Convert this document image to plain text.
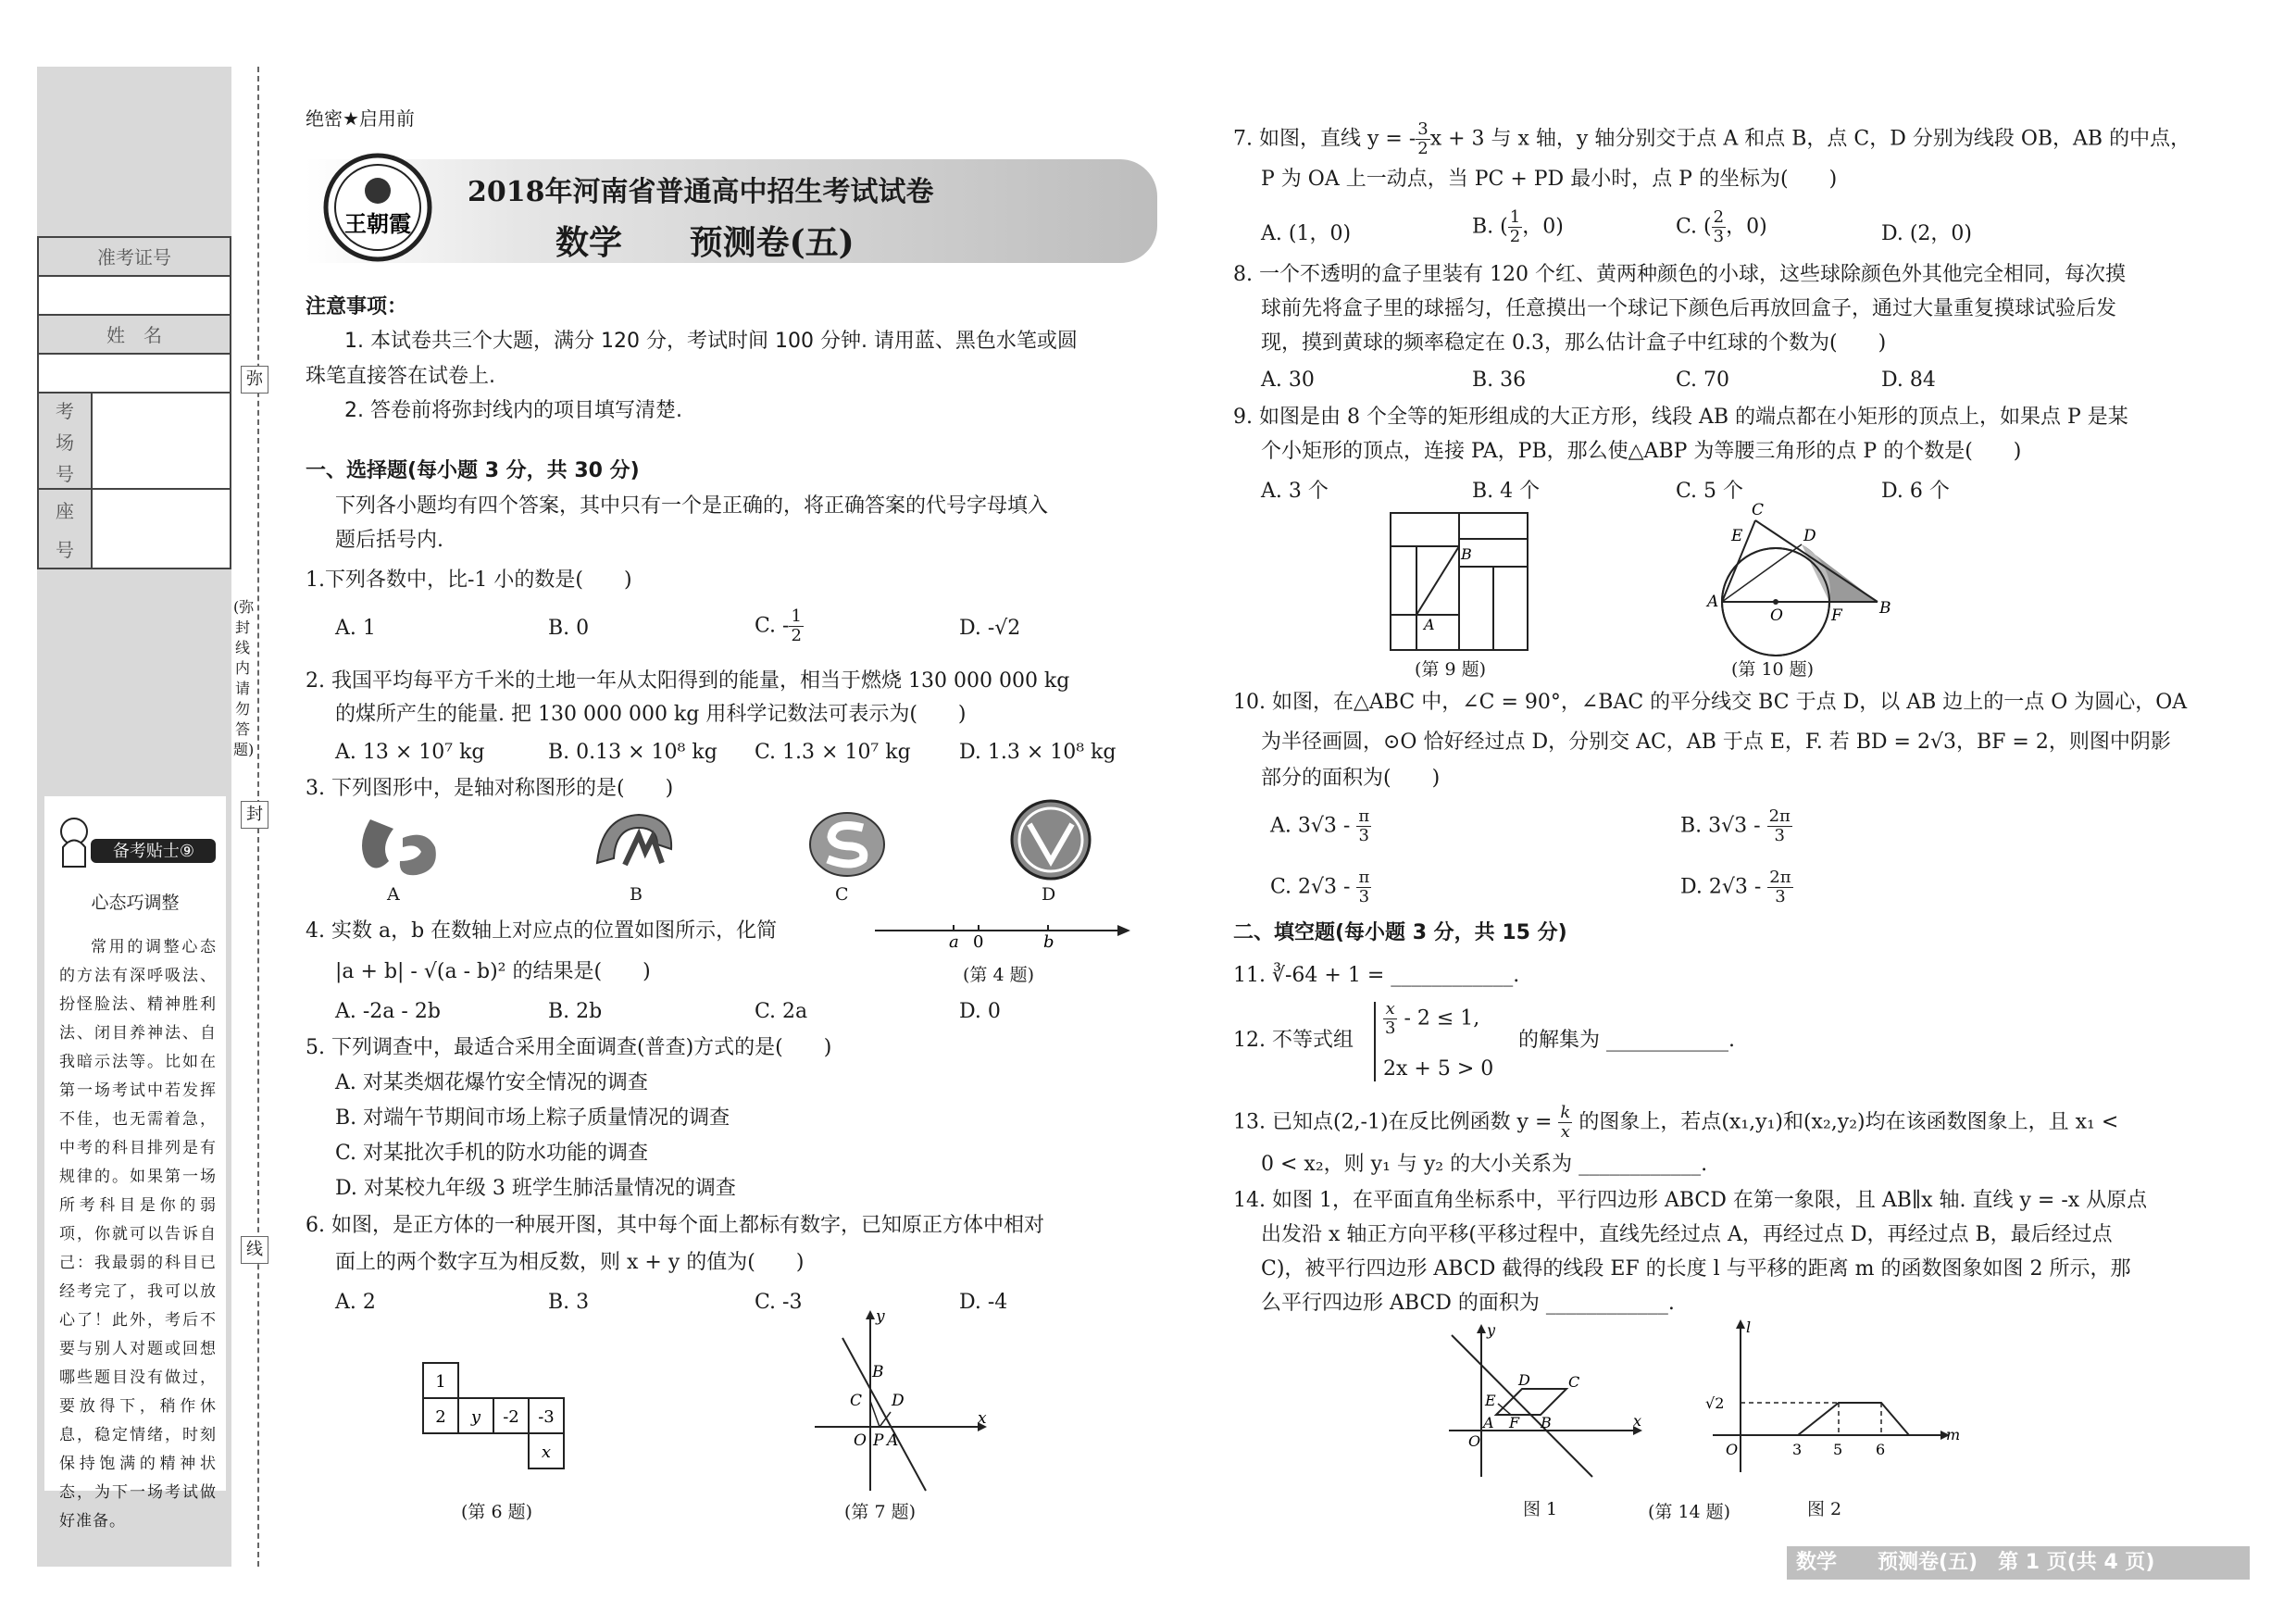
准考证号
姓　名
考
场
号
座
号
备考贴士⑨
心态巧调整
常用的调整心态的方法有深呼吸法、扮怪脸法、精神胜利法、闭目养神法、自我暗示法等。比如在第一场考试中若发挥不佳，也无需着急，中考的科目排列是有规律的。如果第一场所考科目是你的弱项，你就可以告诉自己：我最弱的科目已经考完了，我可以放心了！此外，考后不要与别人对题或回想哪些题目没有做过，要放得下，稍作休息，稳定情绪，时刻保持饱满的精神状态，为下一场考试做好准备。
弥
封
线
(弥封线内请勿答题)
绝密★启用前
王朝霞
2018年河南省普通高中招生考试试卷
数学 预测卷(五)
注意事项：
1. 本试卷共三个大题，满分 120 分，考试时间 100 分钟. 请用蓝、黑色水笔或圆
珠笔直接答在试卷上.
2. 答卷前将弥封线内的项目填写清楚.
一、选择题(每小题 3 分，共 30 分)
下列各小题均有四个答案，其中只有一个是正确的，将正确答案的代号字母填入
题后括号内.
1.下列各数中，比-1 小的数是(　　)
A. 1	B. 0	C. - $\frac{1}{2}$	D. -√2
2. 我国平均每平方千米的土地一年从太阳得到的能量，相当于燃烧 130 000 000 kg
的煤所产生的能量. 把 130 000 000 kg 用科学记数法可表示为(　　)
A. 13 × 10⁷ kg	B. 0.13 × 10⁸ kg C. 1.3 × 10⁷ kg D. 1.3 × 10⁸ kg
3. 下列图形中，是轴对称图形的是(　　)
A	B	C	D
4. 实数 a，b 在数轴上对应点的位置如图所示，化简
|a + b| - √(a - b)² 的结果是(　　)
a 0	b
(第 4 题)
A. -2a - 2b	B. 2b	C. 2a	D. 0
5. 下列调查中，最适合采用全面调查(普查)方式的是(　　)
A. 对某类烟花爆竹安全情况的调查
B. 对端午节期间市场上粽子质量情况的调查
C. 对某批次手机的防水功能的调查
D. 对某校九年级 3 班学生肺活量情况的调查
6. 如图，是正方体的一种展开图，其中每个面上都标有数字，已知原正方体中相对
面上的两个数字互为相反数，则 x + y 的值为(　　)
A. 2	B. 3	C. -3	D. -4
1
2 y -2 -3
x
(第 6 题)
y
B
C D
O P A
x
(第 7 题)
7. 如图，直线 y = - $\frac{3}{2}$ x + 3 与 x 轴，y 轴分别交于点 A 和点 B，点 C，D 分别为线段 OB，AB 的中点，
P 为 OA 上一动点，当 PC + PD 最小时，点 P 的坐标为(　　)
A. (1，0)	B. ( $\frac{1}{2}$ ，0)	C. ( $\frac{2}{3}$ ，0)	D. (2，0)
8. 一个不透明的盒子里装有 120 个红、黄两种颜色的小球，这些球除颜色外其他完全相同，每次摸
球前先将盒子里的球摇匀，任意摸出一个球记下颜色后再放回盒子，通过大量重复摸球试验后发
现，摸到黄球的频率稳定在 0.3，那么估计盒子中红球的个数为(　　)
A. 30	B. 36	C. 70	D. 84
9. 如图是由 8 个全等的矩形组成的大正方形，线段 AB 的端点都在小矩形的顶点上，如果点 P 是某
个小矩形的顶点，连接 PA，PB，那么使△ABP 为等腰三角形的点 P 的个数是(　　)
A. 3 个	B. 4 个	C. 5 个	D. 6 个
B
A
(第 9 题)
C
E	D
A
O	F B
(第 10 题)
10. 如图，在△ABC 中，∠C = 90°，∠BAC 的平分线交 BC 于点 D，以 AB 边上的一点 O 为圆心，OA
为半径画圆，⊙O 恰好经过点 D，分别交 AC，AB 于点 E，F. 若 BD = 2√3，BF = 2，则图中阴影
部分的面积为(　　)
A. $3√3 - \frac{\pi}{3}$	B. $3√3 - \frac{2\pi}{3}$
C. $2√3 - \frac{\pi}{3}$	D. $2√3 - \frac{2\pi}{3}$
二、填空题(每小题 3 分，共 15 分)
11. ∛-64 + 1 = ____________.
12. 不等式组
$\frac{x}{3} - 2 \le 1$,
2x + 5 > 0
的解集为 ____________.
13. 已知点(2,-1)在反比例函数 $y = \frac{k}{x}$ 的图象上，若点(x₁,y₁)和(x₂,y₂)均在该函数图象上，且 x₁ <
0 < x₂，则 y₁ 与 y₂ 的大小关系为 ____________.
14. 如图 1，在平面直角坐标系中，平行四边形 ABCD 在第一象限，且 AB∥x 轴. 直线 y = -x 从原点
出发沿 x 轴正方向平移(平移过程中，直线先经过点 A，再经过点 D，再经过点 B，最后经过点
C)，被平行四边形 ABCD 截得的线段 EF 的长度 l 与平移的距离 m 的函数图象如图 2 所示，那
么平行四边形 ABCD 的面积为 ____________.
y
D	C
E
A F B
O
x
图 1	(第 14 题)
l
√2
O	3 5 6
m
图 2
数学　　预测卷(五)　第 1 页(共 4 页)
